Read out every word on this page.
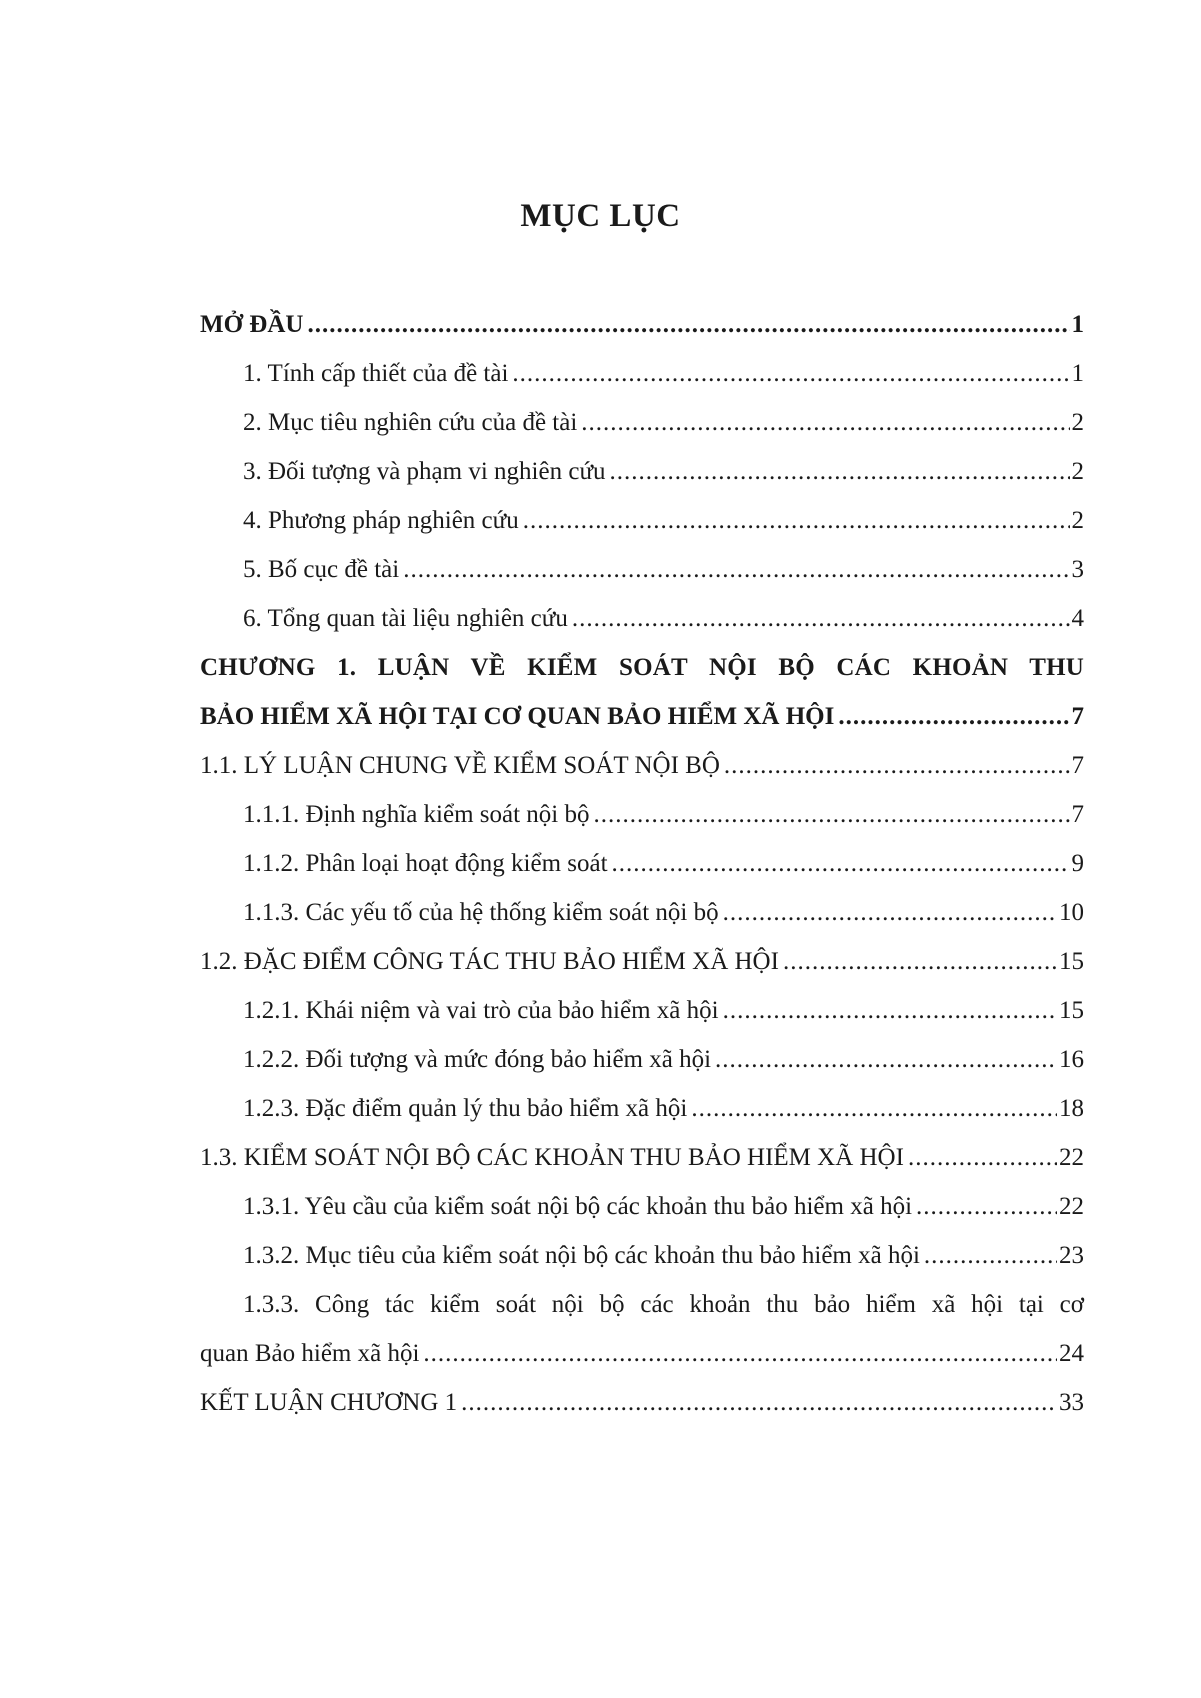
MỤC LỤC
MỞ ĐẦU .....	1
1. Tính cấp thiết của đề tài .....	1
2. Mục tiêu nghiên cứu của đề tài .....	2
3. Đối tượng và phạm vi nghiên cứu .....	2
4. Phương pháp nghiên cứu .....	2
5. Bố cục đề tài .....	3
6. Tổng quan tài liệu nghiên cứu .....	4
CHƯƠNG 1. LUẬN VỀ KIỂM SOÁT NỘI BỘ CÁC KHOẢN THU
BẢO HIỂM XÃ HỘI TẠI CƠ QUAN BẢO HIỂM XÃ HỘI .....	7
1.1. LÝ LUẬN CHUNG VỀ KIỂM SOÁT NỘI BỘ .....	7
1.1.1. Định nghĩa kiểm soát nội bộ .....	7
1.1.2. Phân loại hoạt động kiểm soát .....	9
1.1.3. Các yếu tố của hệ thống kiểm soát nội bộ .....	10
1.2. ĐẶC ĐIỂM CÔNG TÁC THU BẢO HIỂM XÃ HỘI .....	15
1.2.1. Khái niệm và vai trò của bảo hiểm xã hội .....	15
1.2.2. Đối tượng và mức đóng bảo hiểm xã hội .....	16
1.2.3. Đặc điểm quản lý thu bảo hiểm xã hội .....	18
1.3. KIỂM SOÁT NỘI BỘ CÁC KHOẢN THU BẢO HIỂM XÃ HỘI .....	22
1.3.1. Yêu cầu của kiểm soát nội bộ các khoản thu bảo hiểm xã hội .....	22
1.3.2. Mục tiêu của kiểm soát nội bộ các khoản thu bảo hiểm xã hội .....	23
1.3.3. Công tác kiểm soát nội bộ các khoản thu bảo hiểm xã hội tại cơ
quan Bảo hiểm xã hội .....	24
KẾT LUẬN CHƯƠNG 1 .....	33
